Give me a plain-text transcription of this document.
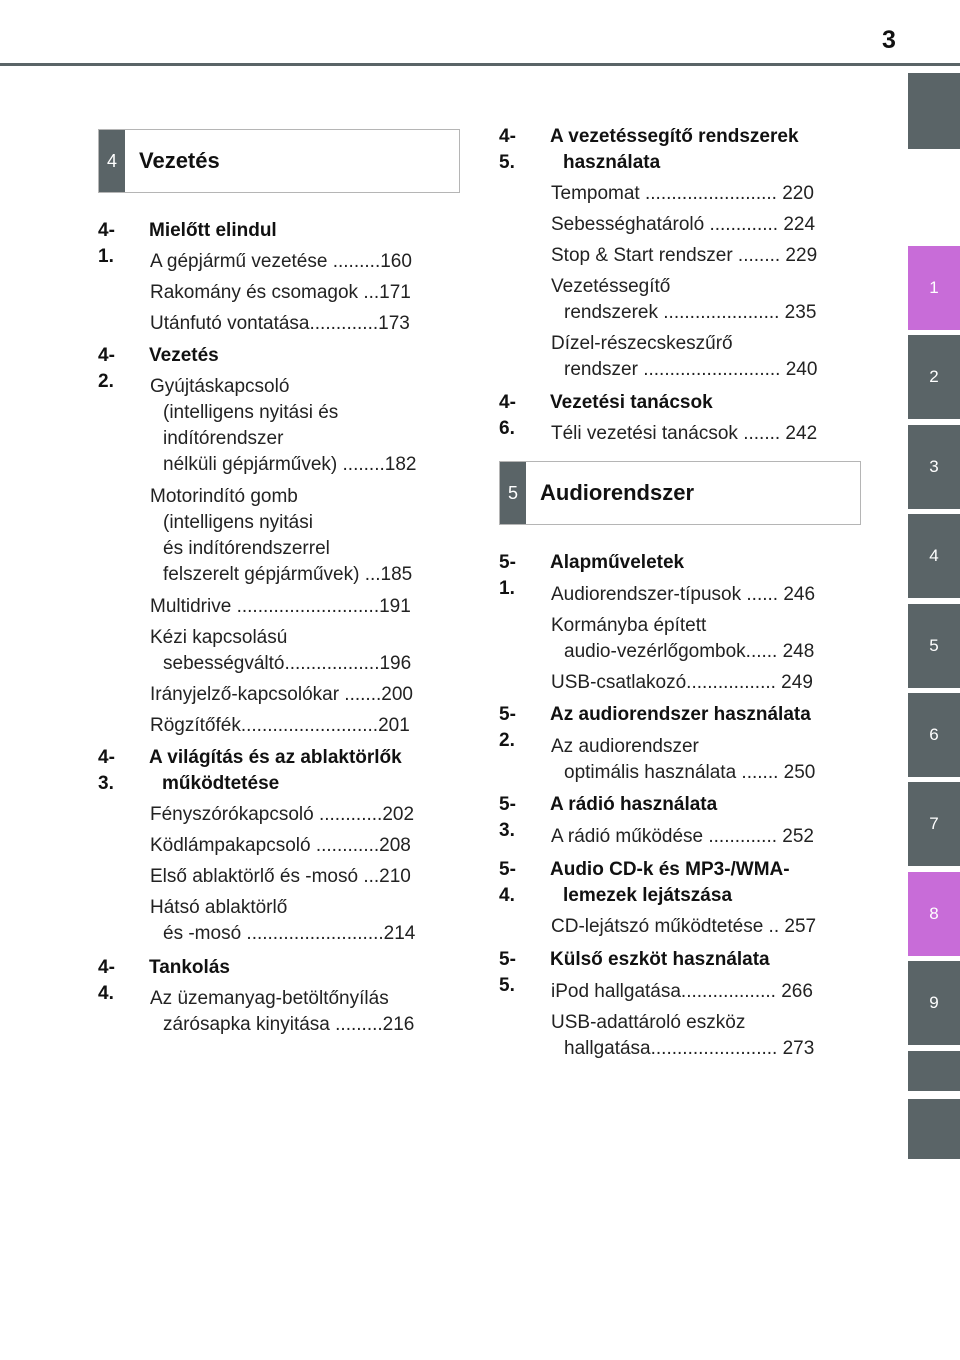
3
1
2
3
4
5
6
7
8
9
4	Vezetés
4-1.
Mielőtt elindul
A gépjármű vezetése .........160
Rakomány és csomagok ...171
Utánfutó vontatása.............173
4-2.
Vezetés
Gyújtáskapcsoló
(intelligens nyitási és
indítórendszer
nélküli gépjárművek) ........182
Motorindító gomb
(intelligens nyitási
és indítórendszerrel
felszerelt gépjárművek) ...185
Multidrive ...........................191
Kézi kapcsolású
sebességváltó..................196
Irányjelző-kapcsolókar .......200
Rögzítőfék..........................201
4-3.
A világítás és az ablaktörlők
működtetése
Fényszórókapcsoló ............202
Ködlámpakapcsoló ............208
Első ablaktörlő és -mosó ...210
Hátsó ablaktörlő
és -mosó ..........................214
4-4.
Tankolás
Az üzemanyag-betöltőnyílás
zárósapka kinyitása .........216
4-5.
A vezetéssegítő rendszerek
használata
Tempomat ......................... 220
Sebességhatároló ............. 224
Stop & Start rendszer ........ 229
Vezetéssegítő
rendszerek ...................... 235
Dízel-részecskeszűrő
rendszer .......................... 240
4-6.
Vezetési tanácsok
Téli vezetési tanácsok ....... 242
5	Audiorendszer
5-1.
Alapműveletek
Audiorendszer-típusok ...... 246
Kormányba épített
audio-vezérlőgombok...... 248
USB-csatlakozó................. 249
5-2.
Az audiorendszer használata
Az audiorendszer
optimális használata ....... 250
5-3.
A rádió használata
A rádió működése ............. 252
5-4.
Audio CD-k és MP3-/WMA-
lemezek lejátszása
CD-lejátszó működtetése .. 257
5-5.
Külső eszköt használata
iPod hallgatása.................. 266
USB-adattároló eszköz
hallgatása........................ 273
